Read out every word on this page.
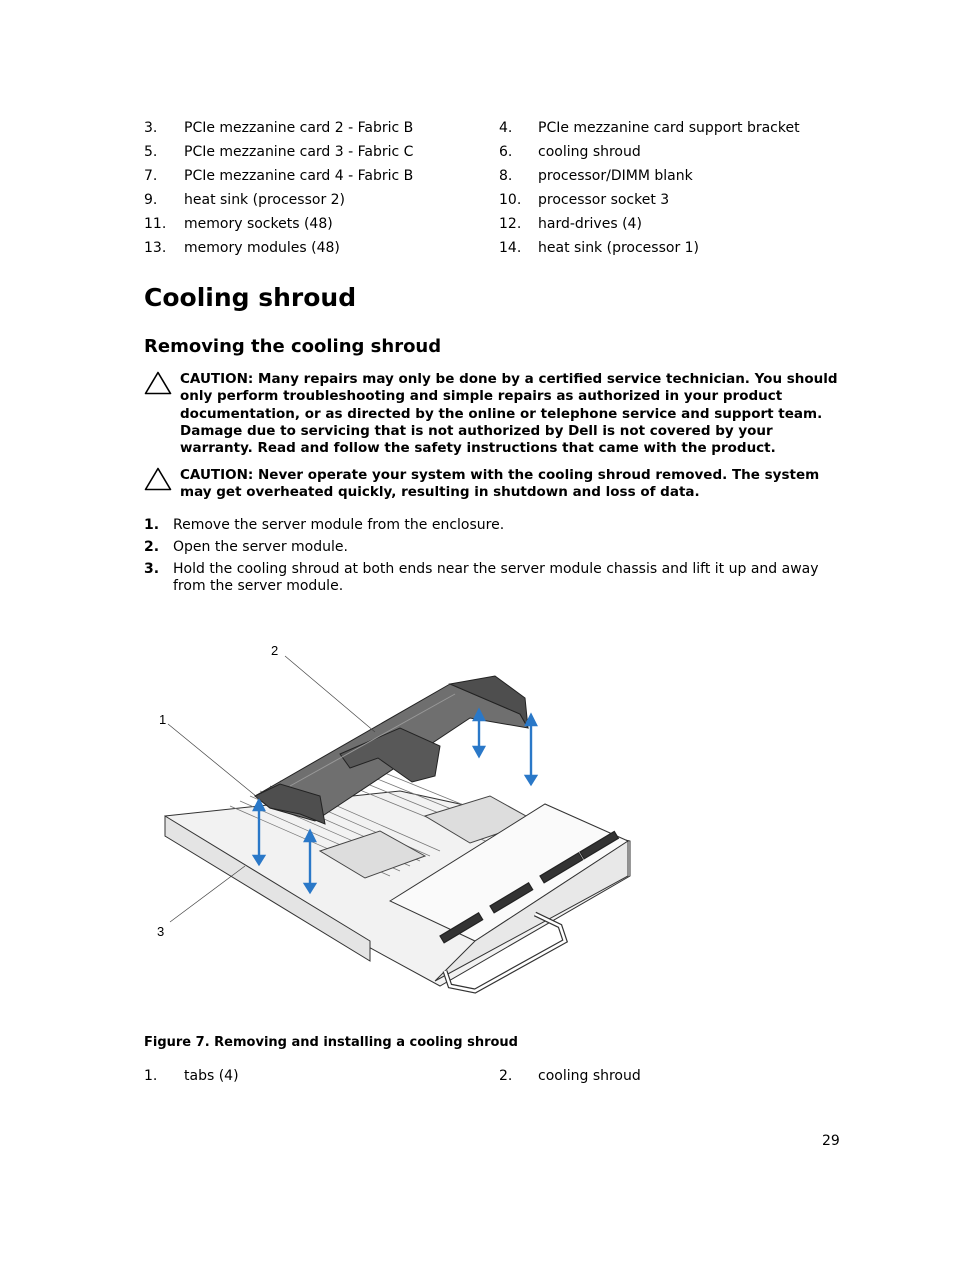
3.	PCIe mezzanine card 2 - Fabric B	4.	PCIe mezzanine card support bracket
5.	PCIe mezzanine card 3 - Fabric C	6.	cooling shroud
7.	PCIe mezzanine card 4 - Fabric B	8.	processor/DIMM blank
9.	heat sink (processor 2)	10.	processor socket 3
11.	memory sockets (48)	12.	hard-drives (4)
13.	memory modules (48)	14.	heat sink (processor 1)
Cooling shroud
Removing the cooling shroud
CAUTION: Many repairs may only be done by a certified service technician. You should only perform troubleshooting and simple repairs as authorized in your product documentation, or as directed by the online or telephone service and support team. Damage due to servicing that is not authorized by Dell is not covered by your warranty. Read and follow the safety instructions that came with the product.
CAUTION: Never operate your system with the cooling shroud removed. The system may get overheated quickly, resulting in shutdown and loss of data.
1. Remove the server module from the enclosure.
2. Open the server module.
3. Hold the cooling shroud at both ends near the server module chassis and lift it up and away from the server module.
1
2
3
Figure 7. Removing and installing a cooling shroud
1.	tabs (4)	2.	cooling shroud
29
